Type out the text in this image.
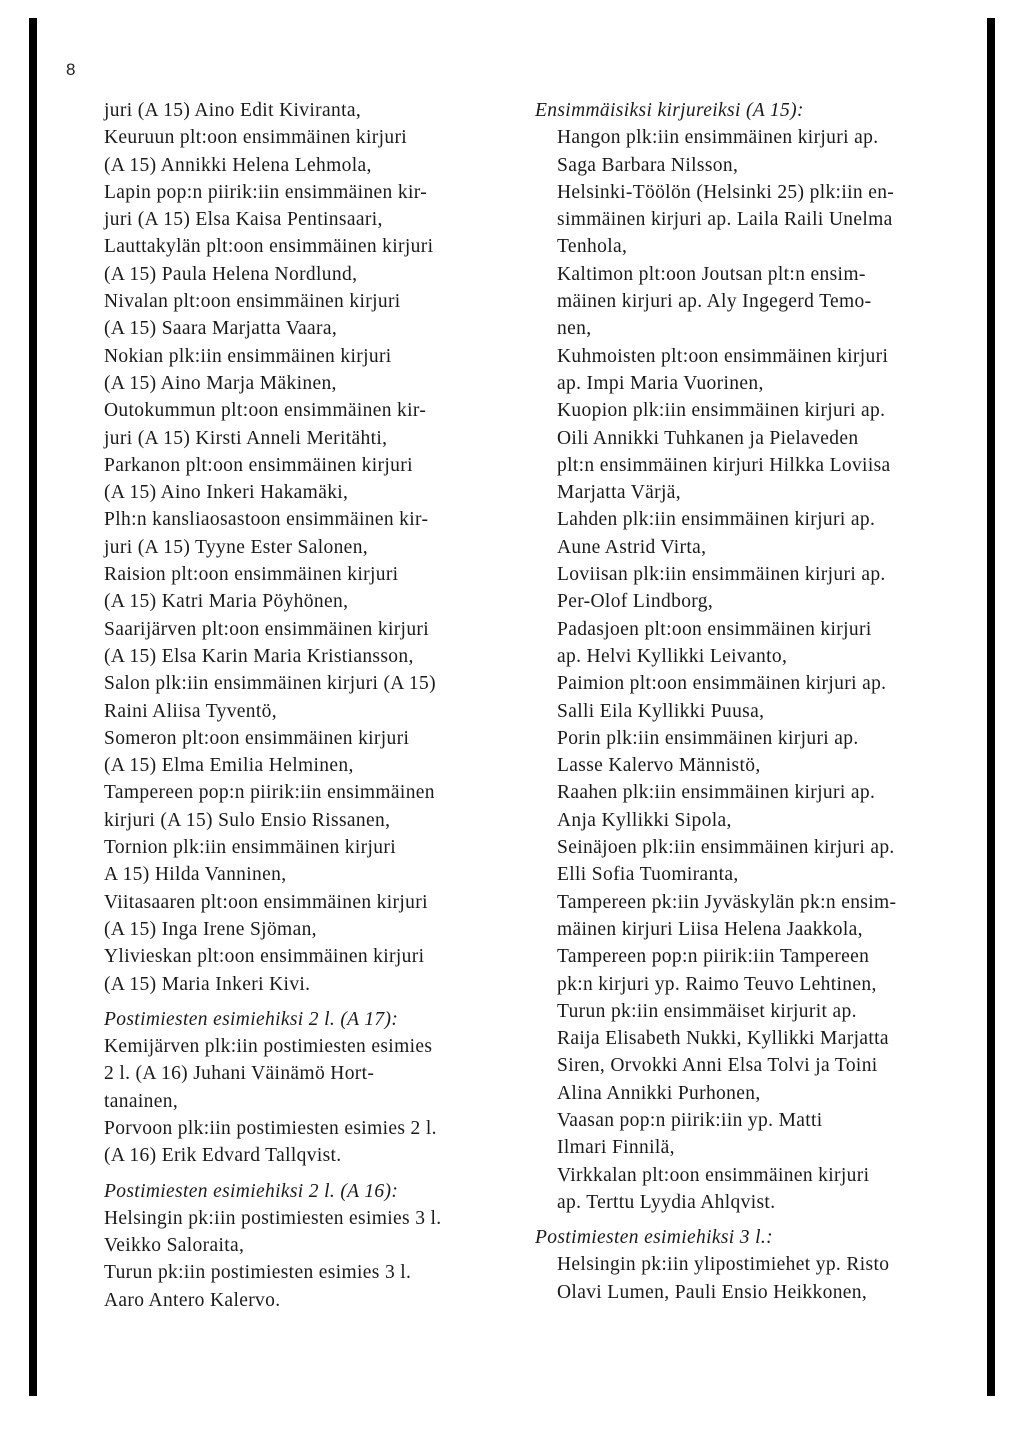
8
juri (A 15) Aino Edit Kiviranta,
Keuruun plt:oon ensimmäinen kirjuri
(A 15) Annikki Helena Lehmola,
Lapin pop:n piirik:iin ensimmäinen kir-
juri (A 15) Elsa Kaisa Pentinsaari,
Lauttakylän plt:oon ensimmäinen kirjuri
(A 15) Paula Helena Nordlund,
Nivalan plt:oon ensimmäinen kirjuri
(A 15) Saara Marjatta Vaara,
Nokian plk:iin ensimmäinen kirjuri
(A 15) Aino Marja Mäkinen,
Outokummun plt:oon ensimmäinen kir-
juri (A 15) Kirsti Anneli Meritähti,
Parkanon plt:oon ensimmäinen kirjuri
(A 15) Aino Inkeri Hakamäki,
Plh:n kansliaosastoon ensimmäinen kir-
juri (A 15) Tyyne Ester Salonen,
Raision plt:oon ensimmäinen kirjuri
(A 15) Katri Maria Pöyhönen,
Saarijärven plt:oon ensimmäinen kirjuri
(A 15) Elsa Karin Maria Kristiansson,
Salon plk:iin ensimmäinen kirjuri (A 15)
Raini Aliisa Tyventö,
Someron plt:oon ensimmäinen kirjuri
(A 15) Elma Emilia Helminen,
Tampereen pop:n piirik:iin ensimmäinen
kirjuri (A 15) Sulo Ensio Rissanen,
Tornion plk:iin ensimmäinen kirjuri
A 15) Hilda Vanninen,
Viitasaaren plt:oon ensimmäinen kirjuri
(A 15) Inga Irene Sjöman,
Ylivieskan plt:oon ensimmäinen kirjuri
(A 15) Maria Inkeri Kivi.
Postimiesten esimiehiksi 2 l. (A 17):
Kemijärven plk:iin postimiesten esimies
2 l. (A 16) Juhani Väinämö Hort-
tanainen,
Porvoon plk:iin postimiesten esimies 2 l.
(A 16) Erik Edvard Tallqvist.
Postimiesten esimiehiksi 2 l. (A 16):
Helsingin pk:iin postimiesten esimies 3 l.
Veikko Saloraita,
Turun pk:iin postimiesten esimies 3 l.
Aaro Antero Kalervo.
Ensimmäisiksi kirjureiksi (A 15):
Hangon plk:iin ensimmäinen kirjuri ap.
Saga Barbara Nilsson,
Helsinki-Töölön (Helsinki 25) plk:iin en-
simmäinen kirjuri ap. Laila Raili Unelma
Tenhola,
Kaltimon plt:oon Joutsan plt:n ensim-
mäinen kirjuri ap. Aly Ingegerd Temo-
nen,
Kuhmoisten plt:oon ensimmäinen kirjuri
ap. Impi Maria Vuorinen,
Kuopion plk:iin ensimmäinen kirjuri ap.
Oili Annikki Tuhkanen ja Pielaveden
plt:n ensimmäinen kirjuri Hilkka Loviisa
Marjatta Värjä,
Lahden plk:iin ensimmäinen kirjuri ap.
Aune Astrid Virta,
Loviisan plk:iin ensimmäinen kirjuri ap.
Per-Olof Lindborg,
Padasjoen plt:oon ensimmäinen kirjuri
ap. Helvi Kyllikki Leivanto,
Paimion plt:oon ensimmäinen kirjuri ap.
Salli Eila Kyllikki Puusa,
Porin plk:iin ensimmäinen kirjuri ap.
Lasse Kalervo Männistö,
Raahen plk:iin ensimmäinen kirjuri ap.
Anja Kyllikki Sipola,
Seinäjoen plk:iin ensimmäinen kirjuri ap.
Elli Sofia Tuomiranta,
Tampereen pk:iin Jyväskylän pk:n ensim-
mäinen kirjuri Liisa Helena Jaakkola,
Tampereen pop:n piirik:iin Tampereen
pk:n kirjuri yp. Raimo Teuvo Lehtinen,
Turun pk:iin ensimmäiset kirjurit ap.
Raija Elisabeth Nukki, Kyllikki Marjatta
Siren, Orvokki Anni Elsa Tolvi ja Toini
Alina Annikki Purhonen,
Vaasan pop:n piirik:iin yp. Matti
Ilmari Finnilä,
Virkkalan plt:oon ensimmäinen kirjuri
ap. Terttu Lyydia Ahlqvist.
Postimiesten esimiehiksi 3 l.:
Helsingin pk:iin ylipostimiehet yp. Risto
Olavi Lumen, Pauli Ensio Heikkonen,
